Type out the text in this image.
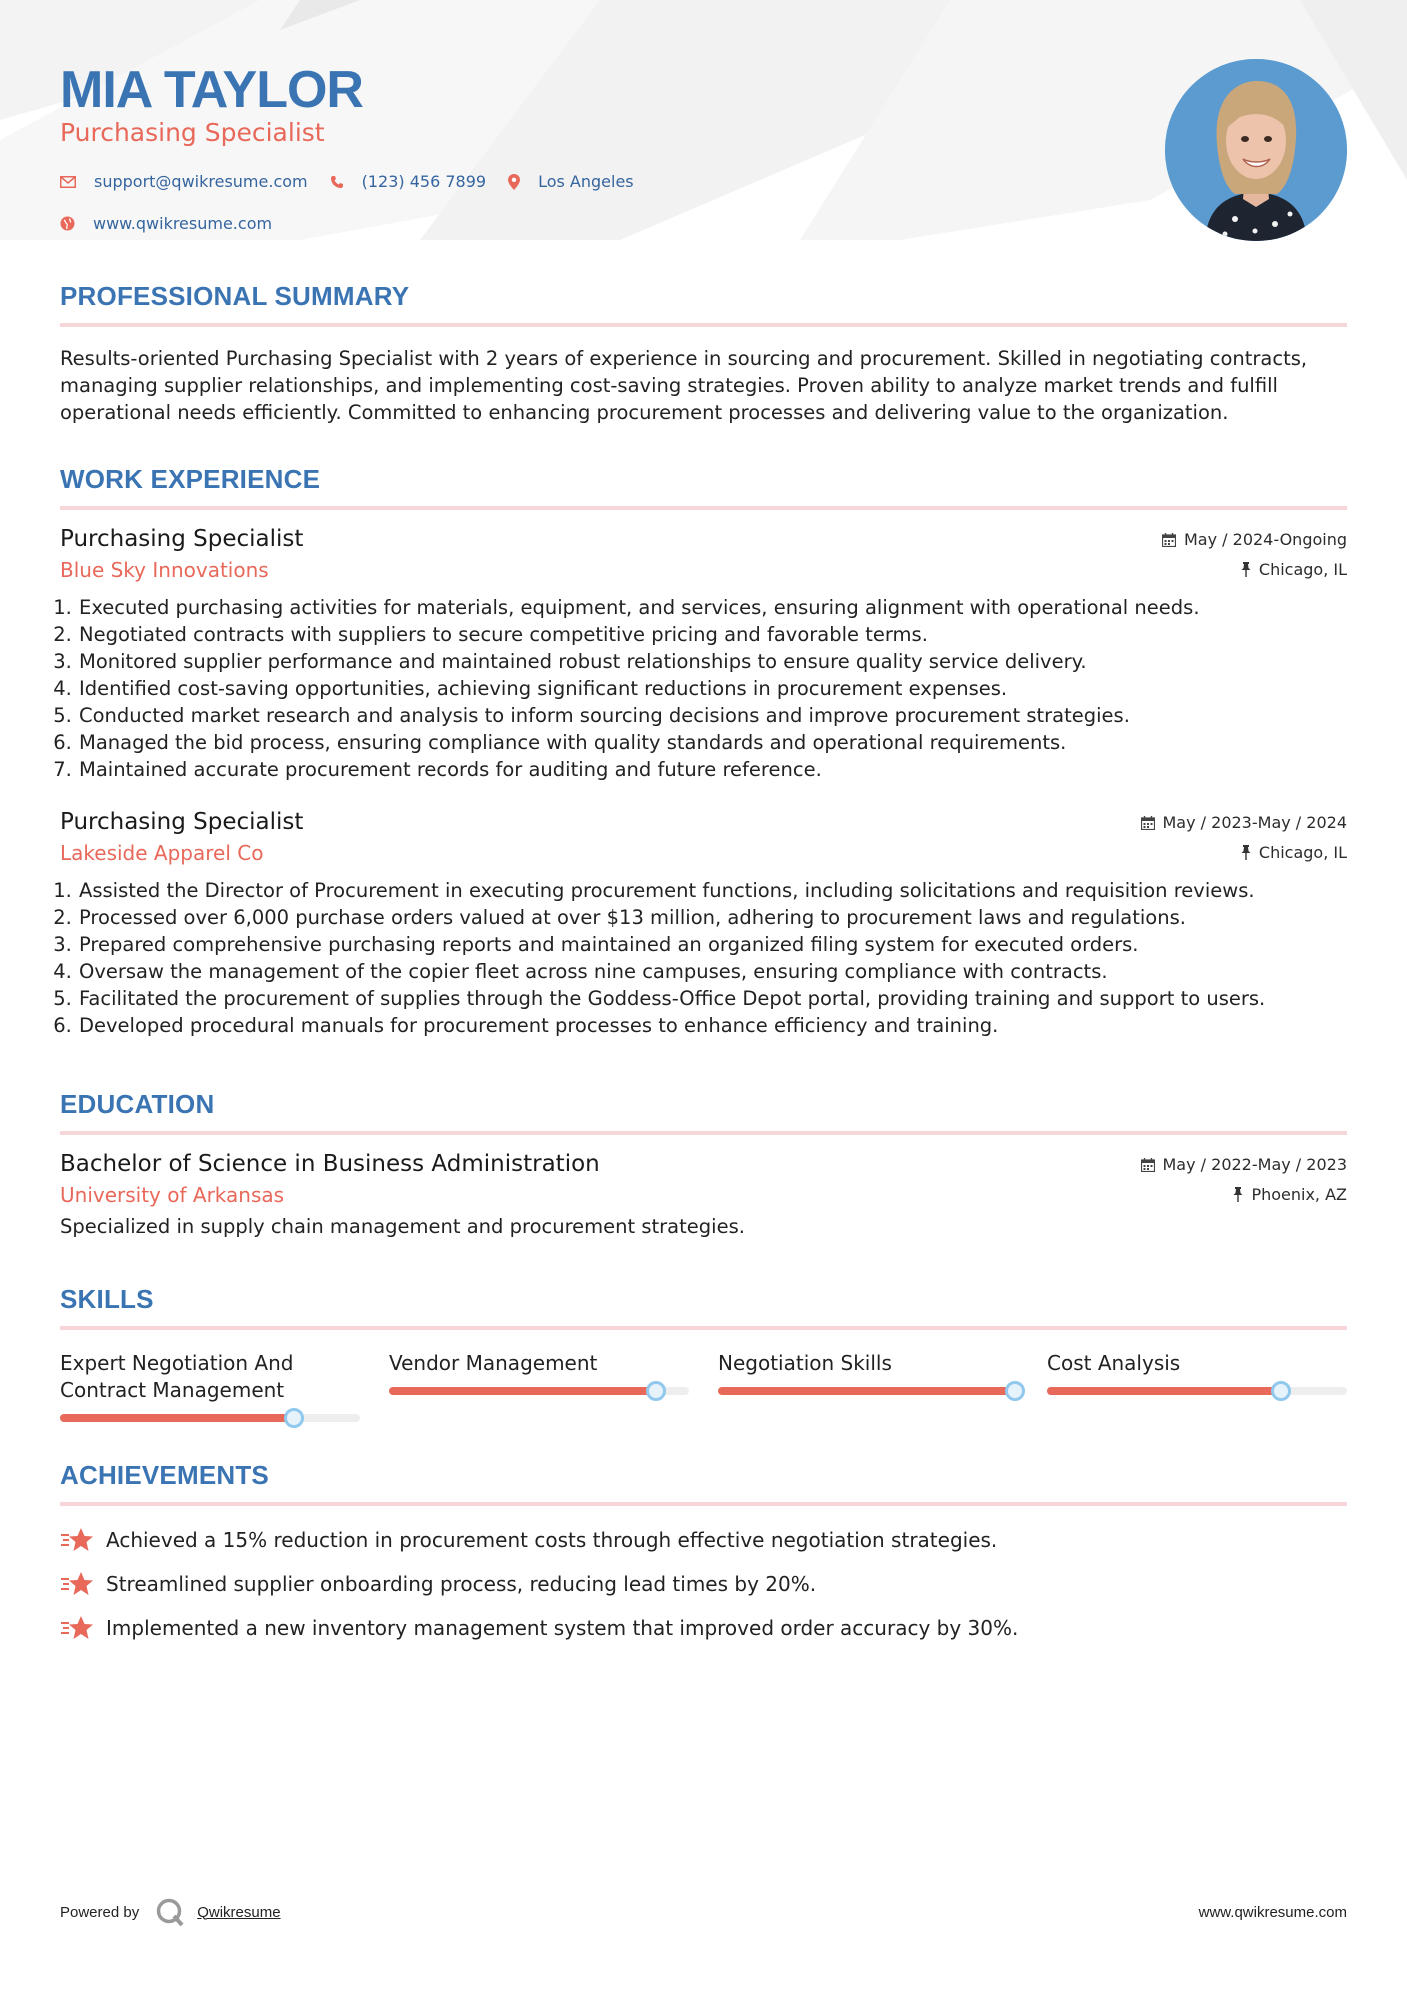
MIA TAYLOR
Purchasing Specialist
support@qwikresume.com	(123) 456 7899	Los Angeles
www.qwikresume.com
PROFESSIONAL SUMMARY
Results-oriented Purchasing Specialist with 2 years of experience in sourcing and procurement. Skilled in negotiating contracts, managing supplier relationships, and implementing cost-saving strategies. Proven ability to analyze market trends and fulfill operational needs efficiently. Committed to enhancing procurement processes and delivering value to the organization.
WORK EXPERIENCE
Purchasing Specialist	May / 2024-Ongoing
Blue Sky Innovations	Chicago, IL
1. Executed purchasing activities for materials, equipment, and services, ensuring alignment with operational needs.
2. Negotiated contracts with suppliers to secure competitive pricing and favorable terms.
3. Monitored supplier performance and maintained robust relationships to ensure quality service delivery.
4. Identified cost-saving opportunities, achieving significant reductions in procurement expenses.
5. Conducted market research and analysis to inform sourcing decisions and improve procurement strategies.
6. Managed the bid process, ensuring compliance with quality standards and operational requirements.
7. Maintained accurate procurement records for auditing and future reference.
Purchasing Specialist	May / 2023-May / 2024
Lakeside Apparel Co	Chicago, IL
1. Assisted the Director of Procurement in executing procurement functions, including solicitations and requisition reviews.
2. Processed over 6,000 purchase orders valued at over $13 million, adhering to procurement laws and regulations.
3. Prepared comprehensive purchasing reports and maintained an organized filing system for executed orders.
4. Oversaw the management of the copier fleet across nine campuses, ensuring compliance with contracts.
5. Facilitated the procurement of supplies through the Goddess-Office Depot portal, providing training and support to users.
6. Developed procedural manuals for procurement processes to enhance efficiency and training.
EDUCATION
Bachelor of Science in Business Administration	May / 2022-May / 2023
University of Arkansas	Phoenix, AZ
Specialized in supply chain management and procurement strategies.
SKILLS
Expert Negotiation And Contract Management
Vendor Management	Negotiation Skills	Cost Analysis
ACHIEVEMENTS
Achieved a 15% reduction in procurement costs through effective negotiation strategies.
Streamlined supplier onboarding process, reducing lead times by 20%.
Implemented a new inventory management system that improved order accuracy by 30%.
Powered by	Qwikresume	www.qwikresume.com
